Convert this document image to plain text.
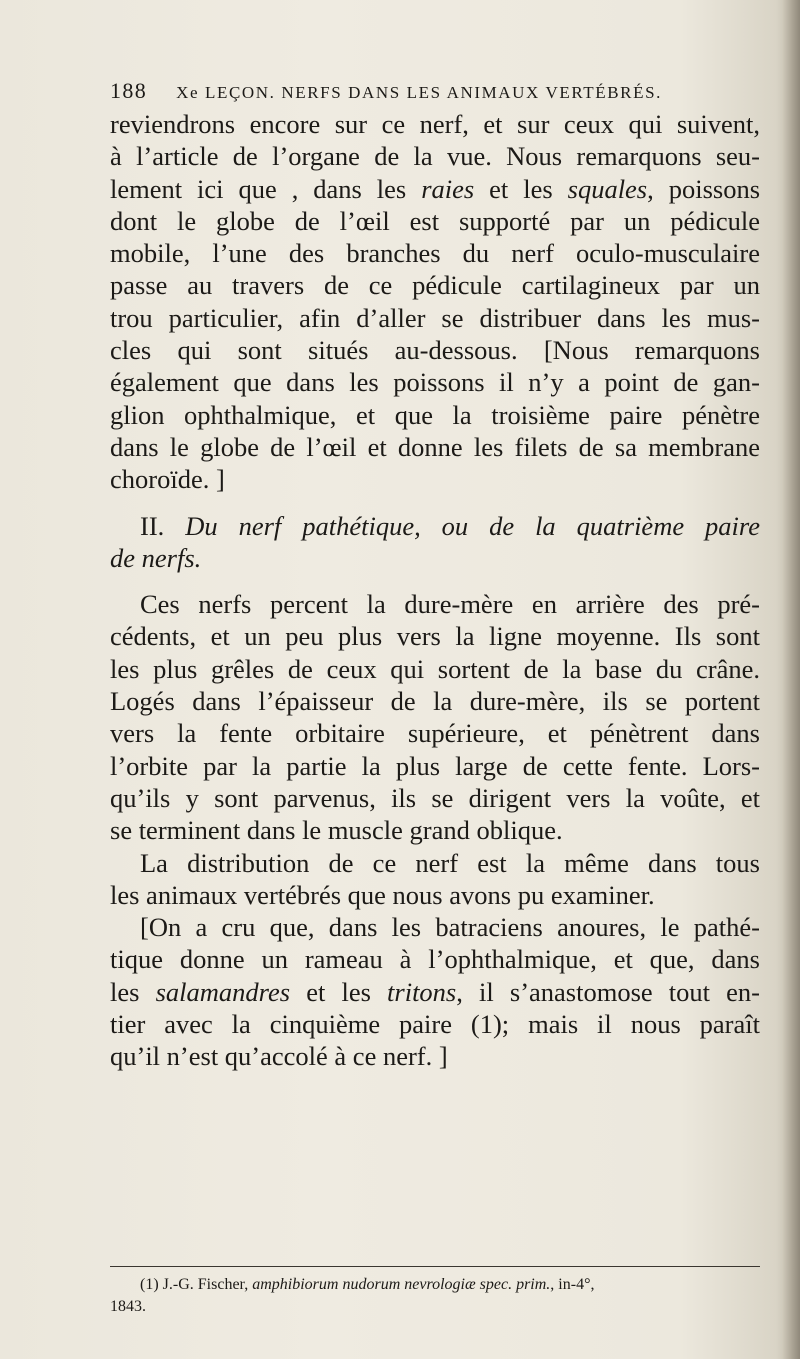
188 Xe LEÇON. NERFS DANS LES ANIMAUX VERTÉBRÉS.

reviendrons encore sur ce nerf, et sur ceux qui suivent,

à l’article de l’organe de la vue. Nous remarquons seu-

lement ici que , dans les raies et les squales, poissons

dont le globe de l’œil est supporté par un pédicule

mobile, l’une des branches du nerf oculo-musculaire

passe au travers de ce pédicule cartilagineux par un

trou particulier, afin d’aller se distribuer dans les mus-

cles qui sont situés au-dessous. [Nous remarquons

également que dans les poissons il n’y a point de gan-

glion ophthalmique, et que la troisième paire pénètre

dans le globe de l’œil et donne les filets de sa membrane

choroïde. ]

II. Du nerf pathétique, ou de la quatrième paire

de nerfs.

Ces nerfs percent la dure-mère en arrière des pré-

cédents, et un peu plus vers la ligne moyenne. Ils sont

les plus grêles de ceux qui sortent de la base du crâne.

Logés dans l’épaisseur de la dure-mère, ils se portent

vers la fente orbitaire supérieure, et pénètrent dans

l’orbite par la partie la plus large de cette fente. Lors-

qu’ils y sont parvenus, ils se dirigent vers la voûte, et

se terminent dans le muscle grand oblique.

La distribution de ce nerf est la même dans tous

les animaux vertébrés que nous avons pu examiner.

[On a cru que, dans les batraciens anoures, le pathé-

tique donne un rameau à l’ophthalmique, et que, dans

les salamandres et les tritons, il s’anastomose tout en-

tier avec la cinquième paire (1); mais il nous paraît

qu’il n’est qu’accolé à ce nerf. ]

(1) J.-G. Fischer, amphibiorum nudorum nevrologiæ spec. prim., in-4°,
1843.
